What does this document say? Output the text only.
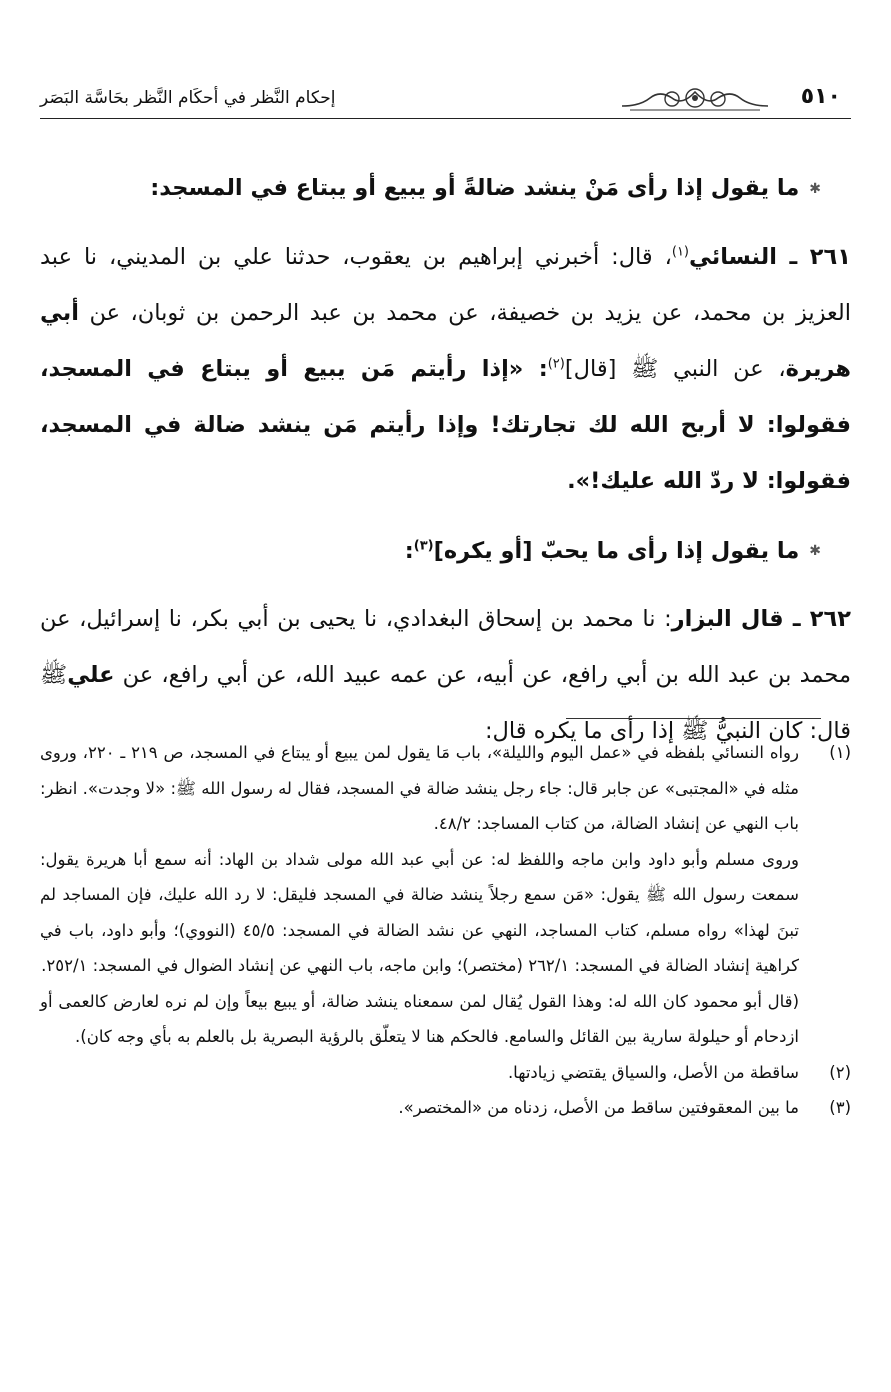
إحكام النَّظر في أحكَام النَّظر بحَاسَّة البَصَر	٥١٠
✱ما يقول إذا رأى مَنْ ينشد ضالةً أو يبيع أو يبتاع في المسجد:
٢٦١ ـ النسائي$^{(١)}$، قال: أخبرني إبراهيم بن يعقوب، حدثنا علي بن المديني، نا عبد العزيز بن محمد، عن يزيد بن خصيفة، عن محمد بن عبد الرحمن بن ثوبان، عن أبي هريرة، عن النبي ﷺ [قال]$^{(٢)}$: «إذا رأيتم مَن يبيع أو يبتاع في المسجد، فقولوا: لا أربح الله لك تجارتك! وإذا رأيتم مَن ينشد ضالة في المسجد، فقولوا: لا ردّ الله عليك!».
✱ما يقول إذا رأى ما يحبّ [أو يكره]$^{(٣)}$:
٢٦٢ ـ قال البزار: نا محمد بن إسحاق البغدادي، نا يحيى بن أبي بكر، نا إسرائيل، عن محمد بن عبد الله بن أبي رافع، عن أبيه، عن عمه عبيد الله، عن أبي رافع، عن عليﷺ قال: كان النبيُّ ﷺ إذا رأى ما يكره قال:
(١)

رواه النسائي بلفظه في «عمل اليوم والليلة»، باب مَا يقول لمن يبيع أو يبتاع في المسجد، ص ٢١٩ ـ ٢٢٠، وروى مثله في «المجتبى» عن جابر قال: جاء رجل ينشد ضالة في المسجد، فقال له رسول الله ﷺ: «لا وجدت». انظر: باب النهي عن إنشاد الضالة، من كتاب المساجد: ٤٨/٢.

وروى مسلم وأبو داود وابن ماجه واللفظ له: عن أبي عبد الله مولى شداد بن الهاد: أنه سمع أبا هريرة يقول: سمعت رسول الله ﷺ يقول: «مَن سمع رجلاً ينشد ضالة في المسجد فليقل: لا رد الله عليك، فإن المساجد لم تبنَ لهذا» رواه مسلم، كتاب المساجد، النهي عن نشد الضالة في المسجد: ٤٥/٥ (النووي)؛ وأبو داود، باب في كراهية إنشاد الضالة في المسجد: ٢٦٢/١ (مختصر)؛ وابن ماجه، باب النهي عن إنشاد الضوال في المسجد: ٢٥٢/١.

(قال أبو محمود كان الله له: وهذا القول يُقال لمن سمعناه ينشد ضالة، أو يبيع بيعاً وإن لم نره لعارض كالعمى أو ازدحام أو حيلولة سارية بين القائل والسامع. فالحكم هنا لا يتعلّق بالرؤية البصرية بل بالعلم به بأي وجه كان).

(٢)

ساقطة من الأصل، والسياق يقتضي زيادتها.

(٣)

ما بين المعقوفتين ساقط من الأصل، زدناه من «المختصر».
